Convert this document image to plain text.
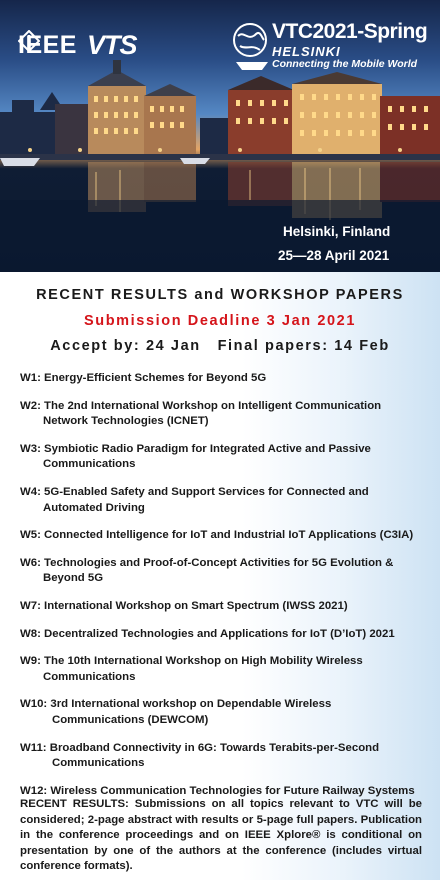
IEEE VTS	VTC2021-Spring
HELSINKI
Connecting the Mobile World
Helsinki, Finland
25—28 April 2021
RECENT RESULTS and WORKSHOP PAPERS
Submission Deadline 3 Jan 2021
Accept by: 24 Jan   Final papers: 14 Feb
W1: Energy-Efficient Schemes for Beyond 5G
W2: The 2nd International Workshop on Intelligent Communication
Network Technologies (ICNET)
W3: Symbiotic Radio Paradigm for Integrated Active and Passive
Communications
W4: 5G-Enabled Safety and Support Services for Connected and
Automated Driving
W5: Connected Intelligence for IoT and Industrial IoT Applications (C3IA)
W6: Technologies and Proof-of-Concept Activities for 5G Evolution &
Beyond 5G
W7: International Workshop on Smart Spectrum (IWSS 2021)
W8: Decentralized Technologies and Applications for IoT (D’IoT) 2021
W9: The 10th International Workshop on High Mobility Wireless
Communications
W10: 3rd International workshop on Dependable Wireless
Communications (DEWCOM)
W11: Broadband Connectivity in 6G: Towards Terabits-per-Second
Communications
W12: Wireless Communication Technologies for Future Railway Systems
RECENT RESULTS: Submissions on all topics relevant to VTC will be considered; 2-page abstract with results or 5-page full papers. Publication in the conference proceedings and on IEEE Xplore® is conditional on presentation by one of the authors at the conference (includes virtual conference formats).
